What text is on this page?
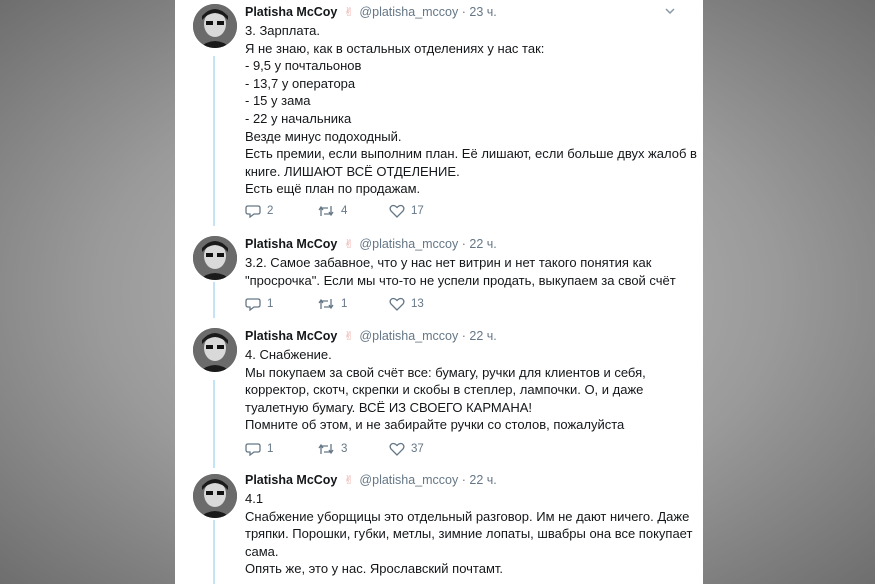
Platisha McCoy ✌ @platisha_mccoy · 23 ч.
3. Зарплата.
Я не знаю, как в остальных отделениях у нас так:
- 9,5 у почтальонов
- 13,7 у оператора
- 15 у зама
- 22 у начальника
Везде минус подоходный.
Есть премии, если выполним план. Её лишают, если больше двух жалоб в
книге. ЛИШАЮТ ВСЁ ОТДЕЛЕНИЕ.
Есть ещё план по продажам.
2	4	17
Platisha McCoy ✌ @platisha_mccoy · 22 ч.
3.2. Самое забавное, что у нас нет витрин и нет такого понятия как
"просрочка". Если мы что-то не успели продать, выкупаем за свой счёт
1	1	13
Platisha McCoy ✌ @platisha_mccoy · 22 ч.
4. Снабжение.
Мы покупаем за свой счёт все: бумагу, ручки для клиентов и себя,
корректор, скотч, скрепки и скобы в степлер, лампочки. О, и даже
туалетную бумагу. ВСЁ ИЗ СВОЕГО КАРМАНА!
Помните об этом, и не забирайте ручки со столов, пожалуйста
1	3	37
Platisha McCoy ✌ @platisha_mccoy · 22 ч.
4.1
Снабжение уборщицы это отдельный разговор. Им не дают ничего. Даже
тряпки. Порошки, губки, метлы, зимние лопаты, швабры она все покупает
сама.
Опять же, это у нас. Ярославский почтамт.
